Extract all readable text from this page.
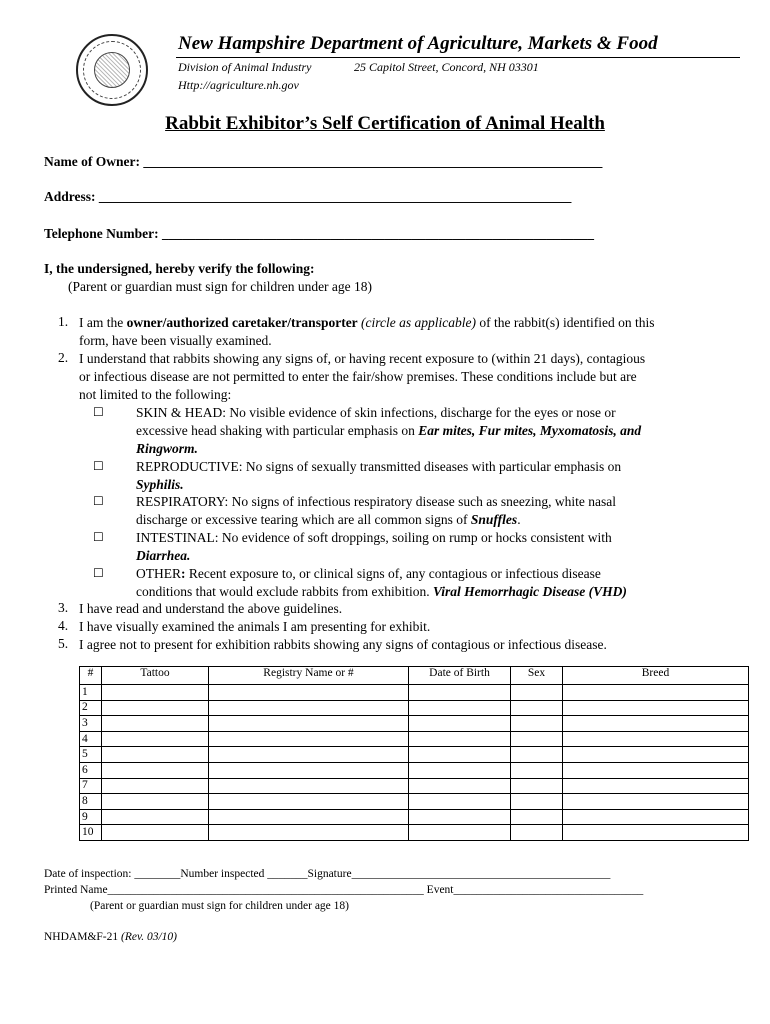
New Hampshire Department of Agriculture, Markets & Food
Division of Animal Industry	25 Capitol Street, Concord, NH 03301
Http://agriculture.nh.gov
Rabbit Exhibitor’s Self Certification of Animal Health
Name of Owner: ____________________________________________________________________
Address: ______________________________________________________________________
Telephone Number: ________________________________________________________________
I, the undersigned, hereby verify the following:
(Parent or guardian must sign for children under age 18)
1. I am the owner/authorized caretaker/transporter (circle as applicable) of the rabbit(s) identified on this
form, have been visually examined.
2. I understand that rabbits showing any signs of, or having recent exposure to (within 21 days), contagious
or infectious disease are not permitted to enter the fair/show premises. These conditions include but are
not limited to the following:
☐ SKIN & HEAD: No visible evidence of skin infections, discharge for the eyes or nose or
excessive head shaking with particular emphasis on Ear mites, Fur mites, Myxomatosis, and
Ringworm.
☐ REPRODUCTIVE: No signs of sexually transmitted diseases with particular emphasis on
Syphilis.
☐ RESPIRATORY: No signs of infectious respiratory disease such as sneezing, white nasal
discharge or excessive tearing which are all common signs of Snuffles.
☐ INTESTINAL: No evidence of soft droppings, soiling on rump or hocks consistent with
Diarrhea.
☐ OTHER: Recent exposure to, or clinical signs of, any contagious or infectious disease
conditions that would exclude rabbits from exhibition. Viral Hemorrhagic Disease (VHD)
3. I have read and understand the above guidelines.
4. I have visually examined the animals I am presenting for exhibit.
5. I agree not to present for exhibition rabbits showing any signs of contagious or infectious disease.
#	Tattoo	Registry Name or #	Date of Birth	Sex	Breed
1					
2					
3					
4					
5					
6					
7					
8					
9					
10					
Date of inspection: ________Number inspected _______Signature_____________________________________________
Printed Name_______________________________________________________ Event_________________________________
(Parent or guardian must sign for children under age 18)
NHDAM&F-21 (Rev. 03/10)
